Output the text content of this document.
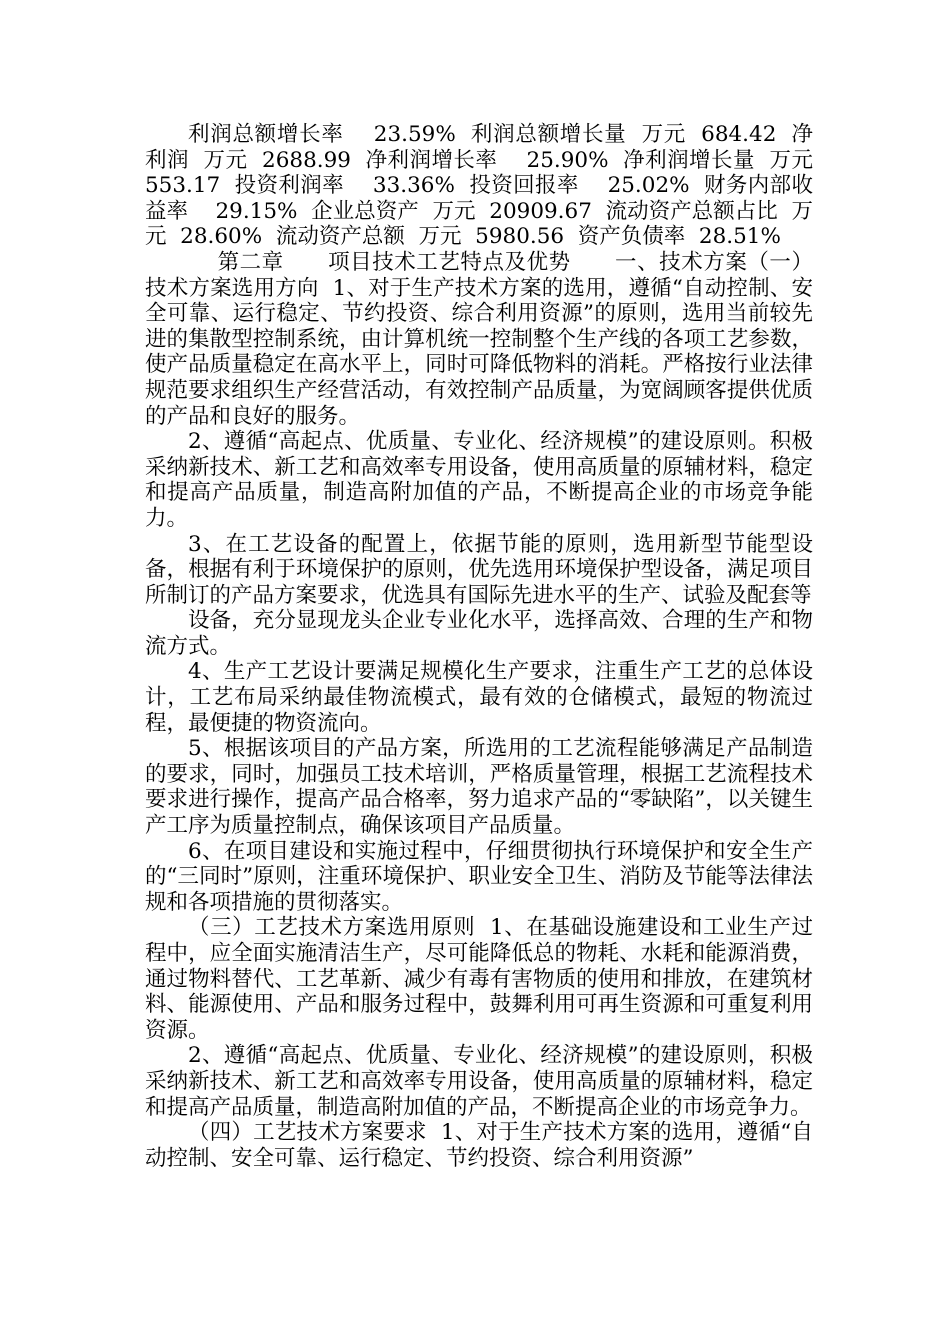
利润总额增长率    23.59%  利润总额增长量  万元  684.42  净利润  万元  2688.99  净利润增长率    25.90%  净利润增长量  万元  553.17  投资利润率    33.36%  投资回报率    25.02%  财务内部收益率    29.15%  企业总资产  万元  20909.67  流动资产总额占比  万元  28.60%  流动资产总额  万元  5980.56  资产负债率  28.51%

第二章      项目技术工艺特点及优势      一、技术方案（一）技术方案选用方向  1、对于生产技术方案的选用，遵循“自动控制、安全可靠、运行稳定、节约投资、综合利用资源”的原则，选用当前较先进的集散型控制系统，由计算机统一控制整个生产线的各项工艺参数，使产品质量稳定在高水平上，同时可降低物料的消耗。严格按行业法律规范要求组织生产经营活动，有效控制产品质量，为宽阔顾客提供优质的产品和良好的服务。

2、遵循“高起点、优质量、专业化、经济规模”的建设原则。积极采纳新技术、新工艺和高效率专用设备，使用高质量的原辅材料，稳定和提高产品质量，制造高附加值的产品，不断提高企业的市场竞争能力。

3、在工艺设备的配置上，依据节能的原则，选用新型节能型设备，根据有利于环境保护的原则，优先选用环境保护型设备，满足项目所制订的产品方案要求，优选具有国际先进水平的生产、试验及配套等

设备，充分显现龙头企业专业化水平，选择高效、合理的生产和物流方式。

4、生产工艺设计要满足规模化生产要求，注重生产工艺的总体设计，工艺布局采纳最佳物流模式，最有效的仓储模式，最短的物流过程，最便捷的物资流向。

5、根据该项目的产品方案，所选用的工艺流程能够满足产品制造的要求，同时，加强员工技术培训，严格质量管理，根据工艺流程技术要求进行操作，提高产品合格率，努力追求产品的“零缺陷”，以关键生产工序为质量控制点，确保该项目产品质量。

6、在项目建设和实施过程中，仔细贯彻执行环境保护和安全生产的“三同时”原则，注重环境保护、职业安全卫生、消防及节能等法律法规和各项措施的贯彻落实。

（三）工艺技术方案选用原则  1、在基础设施建设和工业生产过程中，应全面实施清洁生产，尽可能降低总的物耗、水耗和能源消费，通过物料替代、工艺革新、减少有毒有害物质的使用和排放，在建筑材料、能源使用、产品和服务过程中，鼓舞利用可再生资源和可重复利用资源。

2、遵循“高起点、优质量、专业化、经济规模”的建设原则，积极采纳新技术、新工艺和高效率专用设备，使用高质量的原辅材料，稳定和提高产品质量，制造高附加值的产品，不断提高企业的市场竞争力。

（四）工艺技术方案要求  1、对于生产技术方案的选用，遵循“自动控制、安全可靠、运行稳定、节约投资、综合利用资源”
